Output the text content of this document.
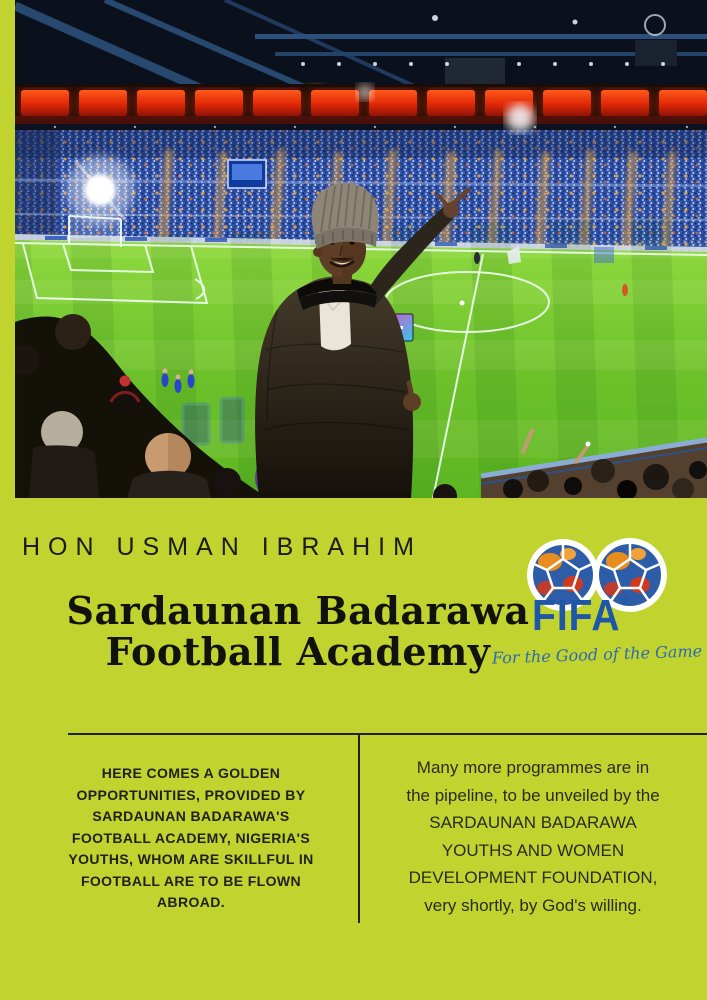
HON USMAN IBRAHIM
Sardaunan Badarawa
Football Academy
FIFA®
For the Good of the Game
HERE COMES A GOLDEN
OPPORTUNITIES, PROVIDED BY
SARDAUNAN BADARAWA'S
FOOTBALL ACADEMY, NIGERIA'S
YOUTHS, WHOM ARE SKILLFUL IN
FOOTBALL ARE TO BE FLOWN
ABROAD.
Many more programmes are in
the pipeline, to be unveiled by the
SARDAUNAN BADARAWA
YOUTHS AND WOMEN
DEVELOPMENT FOUNDATION,
very shortly, by God's willing.
